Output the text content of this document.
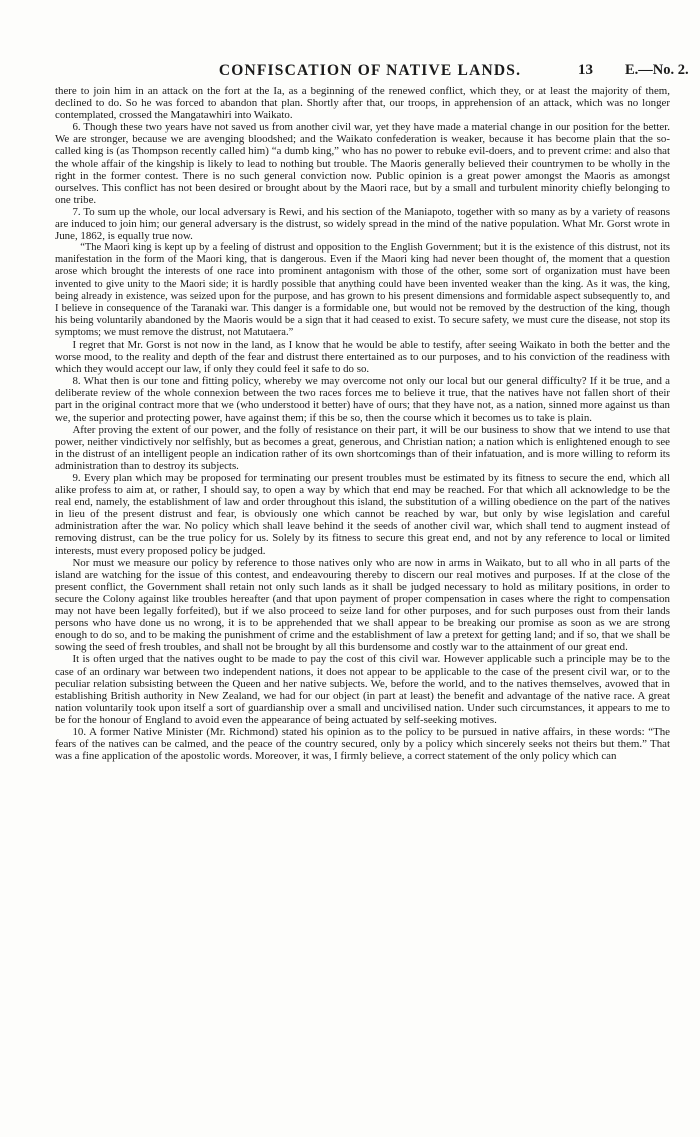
CONFISCATION OF NATIVE LANDS.	13 E.—No. 2.

there to join him in an attack on the fort at the Ia, as a beginning of the renewed conflict, which they, or at least the majority of them, declined to do. So he was forced to abandon that plan. Shortly after that, our troops, in apprehension of an attack, which was no longer contemplated, crossed the Mangatawhiri into Waikato.

6. Though these two years have not saved us from another civil war, yet they have made a material change in our position for the better. We are stronger, because we are avenging bloodshed; and the Waikato confederation is weaker, because it has become plain that the so-called king is (as Thompson recently called him) “a dumb king,” who has no power to rebuke evil-doers, and to prevent crime: and also that the whole affair of the kingship is likely to lead to nothing but trouble. The Maoris generally believed their countrymen to be wholly in the right in the former contest. There is no such general conviction now. Public opinion is a great power amongst the Maoris as amongst ourselves. This conflict has not been desired or brought about by the Maori race, but by a small and turbulent minority chiefly belonging to one tribe.

7. To sum up the whole, our local adversary is Rewi, and his section of the Maniapoto, together with so many as by a variety of reasons are induced to join him; our general adversary is the distrust, so widely spread in the mind of the native population. What Mr. Gorst wrote in June, 1862, is equally true now.

“The Maori king is kept up by a feeling of distrust and opposition to the English Government; but it is the existence of this distrust, not its manifestation in the form of the Maori king, that is dangerous. Even if the Maori king had never been thought of, the moment that a question arose which brought the interests of one race into prominent antagonism with those of the other, some sort of organization must have been invented to give unity to the Maori side; it is hardly possible that anything could have been invented weaker than the king. As it was, the king, being already in existence, was seized upon for the purpose, and has grown to his present dimensions and formidable aspect subsequently to, and I believe in consequence of the Taranaki war. This danger is a formidable one, but would not be removed by the destruction of the king, though his being voluntarily abandoned by the Maoris would be a sign that it had ceased to exist. To secure safety, we must cure the disease, not stop its symptoms; we must remove the distrust, not Matutaera.”

I regret that Mr. Gorst is not now in the land, as I know that he would be able to testify, after seeing Waikato in both the better and the worse mood, to the reality and depth of the fear and distrust there entertained as to our purposes, and to his conviction of the readiness with which they would accept our law, if only they could feel it safe to do so.

8. What then is our tone and fitting policy, whereby we may overcome not only our local but our general difficulty? If it be true, and a deliberate review of the whole connexion between the two races forces me to believe it true, that the natives have not fallen short of their part in the original contract more that we (who understood it better) have of ours; that they have not, as a nation, sinned more against us than we, the superior and protecting power, have against them; if this be so, then the course which it becomes us to take is plain.

After proving the extent of our power, and the folly of resistance on their part, it will be our business to show that we intend to use that power, neither vindictively nor selfishly, but as becomes a great, generous, and Christian nation; a nation which is enlightened enough to see in the distrust of an intelligent people an indication rather of its own shortcomings than of their infatuation, and is more willing to reform its administration than to destroy its subjects.

9. Every plan which may be proposed for terminating our present troubles must be estimated by its fitness to secure the end, which all alike profess to aim at, or rather, I should say, to open a way by which that end may be reached. For that which all acknowledge to be the real end, namely, the establishment of law and order throughout this island, the substitution of a willing obedience on the part of the natives in lieu of the present distrust and fear, is obviously one which cannot be reached by war, but only by wise legislation and careful administration after the war. No policy which shall leave behind it the seeds of another civil war, which shall tend to augment instead of removing distrust, can be the true policy for us. Solely by its fitness to secure this great end, and not by any reference to local or limited interests, must every proposed policy be judged.

Nor must we measure our policy by reference to those natives only who are now in arms in Waikato, but to all who in all parts of the island are watching for the issue of this contest, and endeavouring thereby to discern our real motives and purposes. If at the close of the present conflict, the Government shall retain not only such lands as it shall be judged necessary to hold as military positions, in order to secure the Colony against like troubles hereafter (and that upon payment of proper compensation in cases where the right to compensation may not have been legally forfeited), but if we also proceed to seize land for other purposes, and for such purposes oust from their lands persons who have done us no wrong, it is to be apprehended that we shall appear to be breaking our promise as soon as we are strong enough to do so, and to be making the punishment of crime and the establishment of law a pretext for getting land; and if so, that we shall be sowing the seed of fresh troubles, and shall not be brought by all this burdensome and costly war to the attainment of our great end.

It is often urged that the natives ought to be made to pay the cost of this civil war. However applicable such a principle may be to the case of an ordinary war between two independent nations, it does not appear to be applicable to the case of the present civil war, or to the peculiar relation subsisting between the Queen and her native subjects. We, before the world, and to the natives themselves, avowed that in establishing British authority in New Zealand, we had for our object (in part at least) the benefit and advantage of the native race. A great nation voluntarily took upon itself a sort of guardianship over a small and uncivilised nation. Under such circumstances, it appears to me to be for the honour of England to avoid even the appearance of being actuated by self-seeking motives.

10. A former Native Minister (Mr. Richmond) stated his opinion as to the policy to be pursued in native affairs, in these words: “The fears of the natives can be calmed, and the peace of the country secured, only by a policy which sincerely seeks not theirs but them.” That was a fine application of the apostolic words. Moreover, it was, I firmly believe, a correct statement of the only policy which can
